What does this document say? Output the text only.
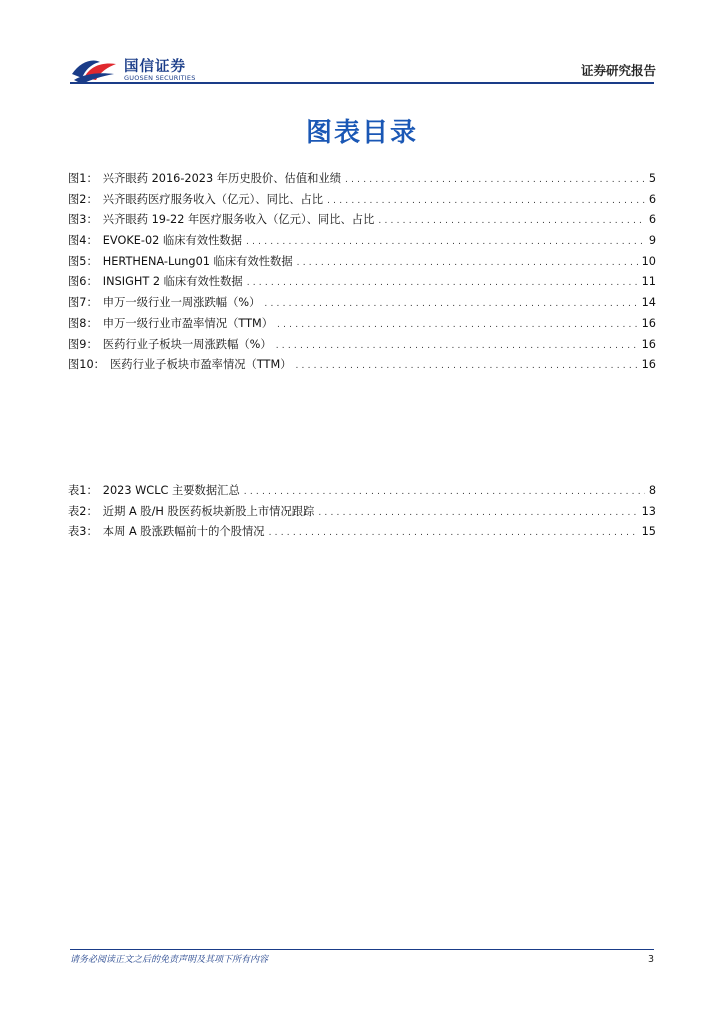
国信证券
GUOSEN SECURITIES	证券研究报告
图表目录
图1： 兴齐眼药 2016-2023 年历史股价、估值和业绩 .....	5
图2： 兴齐眼药医疗服务收入（亿元）、同比、占比 .....	6
图3： 兴齐眼药 19-22 年医疗服务收入（亿元）、同比、占比 .....	6
图4： EVOKE-02 临床有效性数据 .....	9
图5： HERTHENA-Lung01 临床有效性数据 .....	10
图6： INSIGHT 2 临床有效性数据 .....	11
图7： 申万一级行业一周涨跌幅（%） .....	14
图8： 申万一级行业市盈率情况（TTM） .....	16
图9： 医药行业子板块一周涨跌幅（%） .....	16
图10： 医药行业子板块市盈率情况（TTM） .....	16
表1： 2023 WCLC 主要数据汇总 .....	8
表2： 近期 A 股/H 股医药板块新股上市情况跟踪 .....	13
表3： 本周 A 股涨跌幅前十的个股情况 .....	15
请务必阅读正文之后的免责声明及其项下所有内容	3
